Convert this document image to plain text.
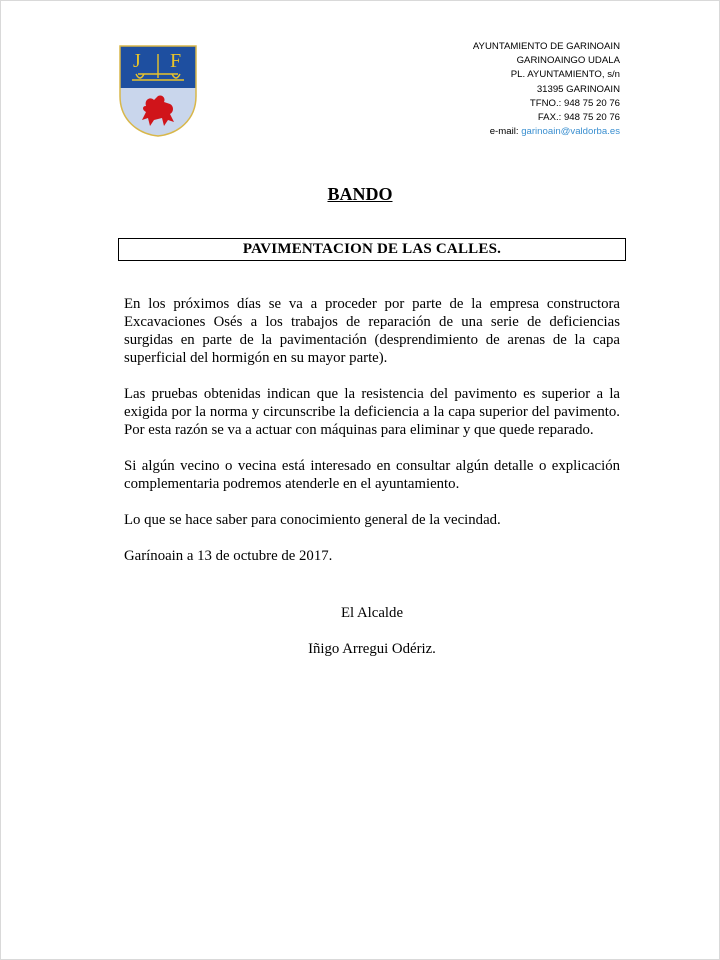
J F
AYUNTAMIENTO DE GARINOAIN
GARINOAINGO UDALA
PL. AYUNTAMIENTO, s/n
31395 GARINOAIN
TFNO.: 948 75 20 76
FAX.: 948 75 20 76
e-mail: garinoain@valdorba.es
BANDO
PAVIMENTACION DE LAS CALLES.

En los próximos días se va a proceder por parte de la empresa constructora Excavaciones Osés a los trabajos de reparación de una serie de deficiencias surgidas en parte de la pavimentación (desprendimiento de arenas de la capa superficial del hormigón en su mayor parte).

Las pruebas obtenidas indican que la resistencia del pavimento es superior a la exigida por la norma y circunscribe la deficiencia a la capa superior del pavimento. Por esta razón se va a actuar con máquinas para eliminar y que quede reparado.

Si algún vecino o vecina está interesado en consultar algún detalle o explicación complementaria podremos atenderle en el ayuntamiento.

Lo que se hace saber para conocimiento general de la vecindad.

Garínoain a 13 de octubre de 2017.

El Alcalde
Iñigo Arregui Odériz.
